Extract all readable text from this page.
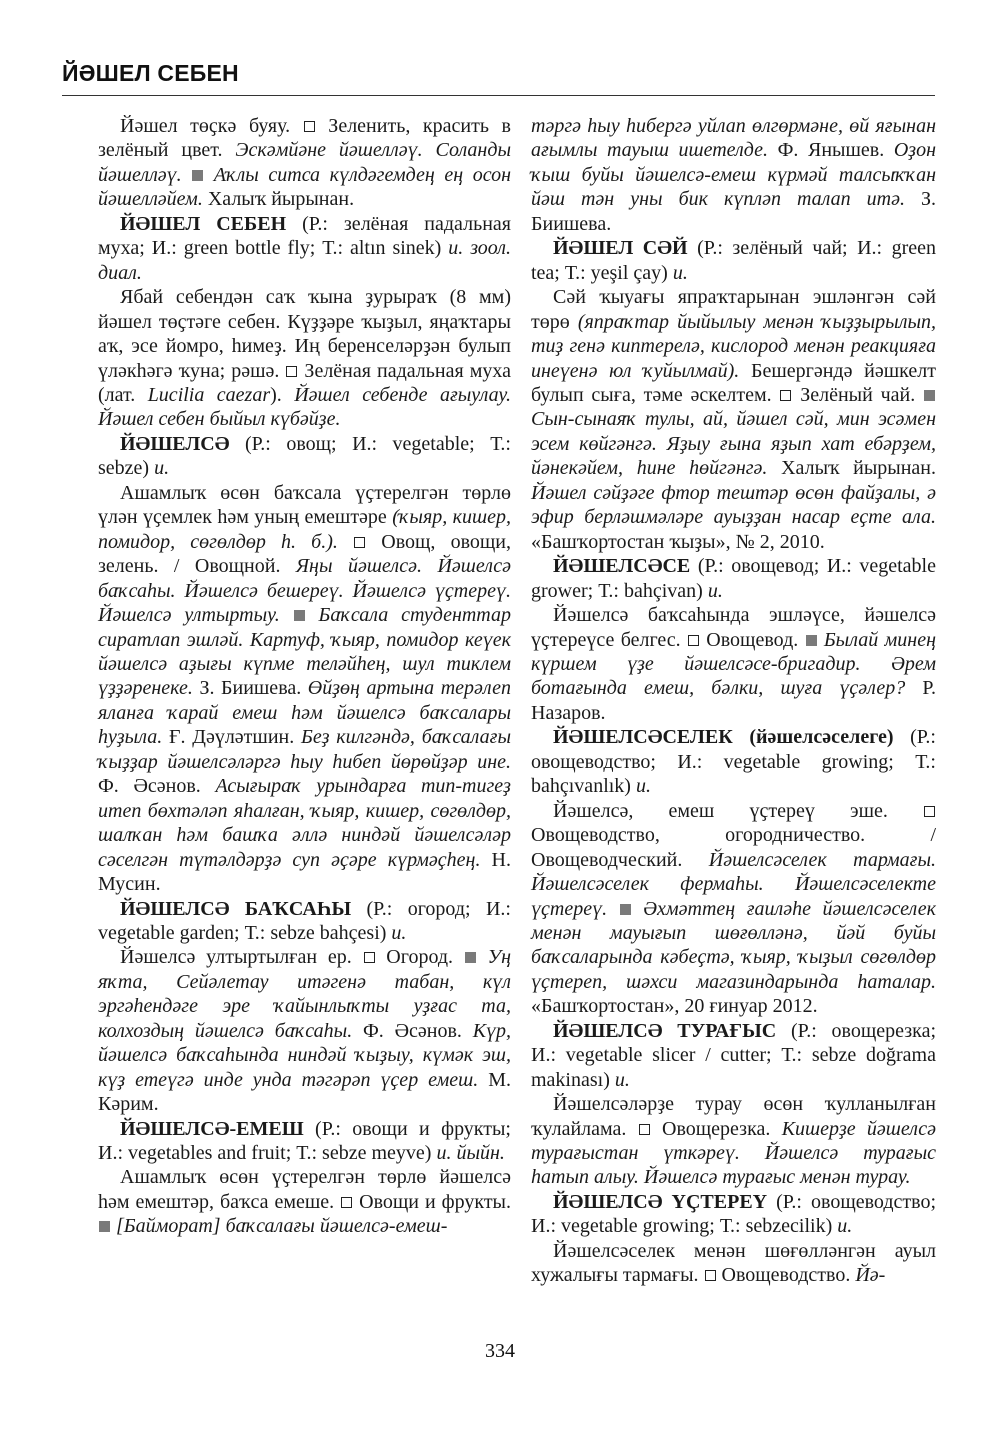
ЙӘШЕЛ СЕБЕН

Йәшел төҫкә буяу.  Зеленить, красить в зелёный цвет. Эскәмйәне йәшелләү. Соланды йәшелләү.  Аҡлы ситса күлдәгемдең ең осон йәшелләйем. Халыҡ йырынан.

ЙӘШЕЛ СЕБЕН (Р.: зелёная падальная муха; И.: green bottle fly; Т.: altın sinek) и. зоол. диал.

Ябай себендән саҡ ҡына ҙурыраҡ (8 мм) йәшел төҫтәге себен. Күҙҙәре ҡыҙыл, яңаҡтары аҡ, эсе йомро, һимеҙ. Иң беренселәрҙән булып үләкһәгә ҡуна; рәшә.  Зелёная падальная муха (лат. Lucilia caezar). Йәшел себенде ағыулау. Йәшел себен быйыл күбәйҙе.

ЙӘШЕЛСӘ (Р.: овощ; И.: vegetable; Т.: sebze) и.

Ашамлыҡ өсөн баҡсала үҫтерелгән төрлө үлән үҫемлек һәм уның емештәре (ҡыяр, кишер, помидор, сөгөлдөр һ. б.).  Овощ, овощи, зелень. / Овощной. Яңы йәшелсә. Йәшелсә баҡсаһы. Йәшелсә бешереү. Йәшелсә үҫтереү. Йәшелсә ултыртыу.  Баҡсала студенттар сиратлап эшләй. Картуф, ҡыяр, помидор кеүек йәшелсә аҙығы күпме теләйһең, шул тиклем үҙҙәренеке. З. Биишева. Өйҙөң артына терәлеп яланға ҡарай емеш һәм йәшелсә баҡсалары һуҙыла. Ғ. Дәүләтшин. Беҙ килгәндә, баҡсалағы ҡыҙҙар йәшелсәләргә һыу һибеп йөрөйҙәр ине. Ф. Әсәнов. Асығыраҡ урындарға тип-тигеҙ итеп бөхтәләп яһалған, ҡыяр, кишер, сөгөлдөр, шалҡан һәм башҡа әллә ниндәй йәшелсәләр сәселгән түтәлдәрҙә суп әҫәре күрмәҫһең. Н. Мусин.

ЙӘШЕЛСӘ БАҠСАҺЫ (Р.: огород; И.: vegetable garden; Т.: sebze bahçesi) и.

Йәшелсә ултыртылған ер.  Огород.  Уң яҡта, Сейәлетау итәгенә табан, күл эргәһендәге эре ҡайынлыҡты уҙғас та, колхоздың йәшелсә баҡсаһы. Ф. Әсәнов. Күр, йәшелсә баҡсаһында ниндәй ҡыҙыу, күмәк эш, күҙ етеүгә инде унда тәгәрәп үҫер емеш. М. Кәрим.

ЙӘШЕЛСӘ-ЕМЕШ (Р.: овощи и фрукты; И.: vegetables and fruit; Т.: sebze meyve) и. йыйн.

Ашамлыҡ өсөн үҫтерелгән төрлө йәшелсә һәм емештәр, баҡса емеше.  Овощи и фрукты.  [Байморат] баҡсалағы йәшелсә-емеш-

тәргә һыу һибергә уйлап өлгөрмәне, өй яғынан ағымлы тауыш ишетелде. Ф. Янышев. Оҙон ҡыш буйы йәшелсә-емеш күрмәй талсыҡҡан йәш тән уны бик күпләп талап итә. З. Биишева.

ЙӘШЕЛ СӘЙ (Р.: зелёный чай; И.: green tea; Т.: yeşil çay) и.

Сәй ҡыуағы япраҡтарынан эшләнгән сәй төрө (япраҡтар йыйылыу менән ҡыҙҙырылып, тиҙ генә киптерелә, кислород менән реакцияға инеүенә юл ҡуйылмай). Бешергәндә йәшкелт булып сыға, тәме әскелтем.  Зелёный чай.  Сын-сынаяҡ тулы, ай, йәшел сәй, мин эсәмен эсем көйгәнгә. Яҙыу ғына яҙып хат ебәрҙем, йәнекәйем, һине һөйгәнгә. Халыҡ йырынан. Йәшел сәйҙәге фтор тештәр өсөн файҙалы, ә эфир берләшмәләре ауыҙҙан насар еҫте ала. «Башҡортостан ҡыҙы», № 2, 2010.

ЙӘШЕЛСӘСЕ (Р.: овощевод; И.: vegetable grower; Т.: bahçivan) и.

Йәшелсә баҡсаһында эшләүсе, йәшелсә үҫтереүсе белгес.  Овощевод.  Былай минең күршем үҙе йәшелсәсе-бригадир. Әрем ботағында емеш, бәлки, шуға үҫәлер? Р. Назаров.

ЙӘШЕЛСӘСЕЛЕК (йәшелсәселеге) (Р.: овощеводство; И.: vegetable growing; Т.: bahçıvanlık) и.

Йәшелсә, емеш үҫтереү эше.  Овощеводство, огородничество. / Овощеводческий. Йәшелсәселек тармағы. Йәшелсәселек фермаһы. Йәшелсәселекте үҫтереү.  Әхмәттең ғаиләһе йәшелсәселек менән мауығып шөғөлләнә, йәй буйы баҡсаларында кәбеҫтә, ҡыяр, ҡыҙыл сөгөлдөр үҫтереп, шәхси магазиндарында һаталар. «Башҡортостан», 20 ғинуар 2012.

ЙӘШЕЛСӘ ТУРАҒЫС (Р.: овощерезка; И.: vegetable slicer / cutter; Т.: sebze doğrama makinası) и.

Йәшелсәләрҙе турау өсөн ҡулланылған ҡулайлама.  Овощерезка. Кишерҙе йәшелсә турағыстан үткәреү. Йәшелсә турағыс һатып алыу. Йәшелсә турағыс менән турау.

ЙӘШЕЛСӘ ҮҪТЕРЕҮ (Р.: овощеводство; И.: vegetable growing; Т.: sebzecilik) и.

Йәшелсәселек менән шөғөлләнгән ауыл хужалығы тармағы.  Овощеводство. Йә-

334
